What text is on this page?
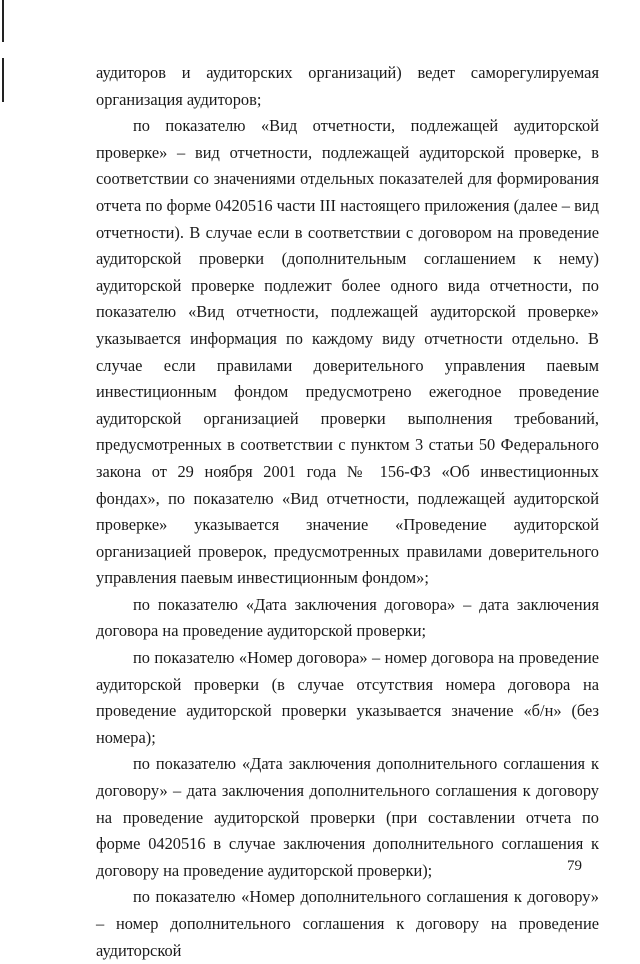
аудиторов и аудиторских организаций) ведет саморегулируемая организация аудиторов;

по показателю «Вид отчетности, подлежащей аудиторской проверке» – вид отчетности, подлежащей аудиторской проверке, в соответствии со значениями отдельных показателей для формирования отчета по форме 0420516 части III настоящего приложения (далее – вид отчетности). В случае если в соответствии с договором на проведение аудиторской проверки (дополнительным соглашением к нему) аудиторской проверке подлежит более одного вида отчетности, по показателю «Вид отчетности, подлежащей аудиторской проверке» указывается информация по каждому виду отчетности отдельно. В случае если правилами доверительного управления паевым инвестиционным фондом предусмотрено ежегодное проведение аудиторской организацией проверки выполнения требований, предусмотренных в соответствии с пунктом 3 статьи 50 Федерального закона от 29 ноября 2001 года № 156-ФЗ «Об инвестиционных фондах», по показателю «Вид отчетности, подлежащей аудиторской проверке» указывается значение «Проведение аудиторской организацией проверок, предусмотренных правилами доверительного управления паевым инвестиционным фондом»;

по показателю «Дата заключения договора» – дата заключения договора на проведение аудиторской проверки;

по показателю «Номер договора» – номер договора на проведение аудиторской проверки (в случае отсутствия номера договора на проведение аудиторской проверки указывается значение «б/н» (без номера);

по показателю «Дата заключения дополнительного соглашения к договору» – дата заключения дополнительного соглашения к договору на проведение аудиторской проверки (при составлении отчета по форме 0420516 в случае заключения дополнительного соглашения к договору на проведение аудиторской проверки);

по показателю «Номер дополнительного соглашения к договору» – номер дополнительного соглашения к договору на проведение аудиторской

79
